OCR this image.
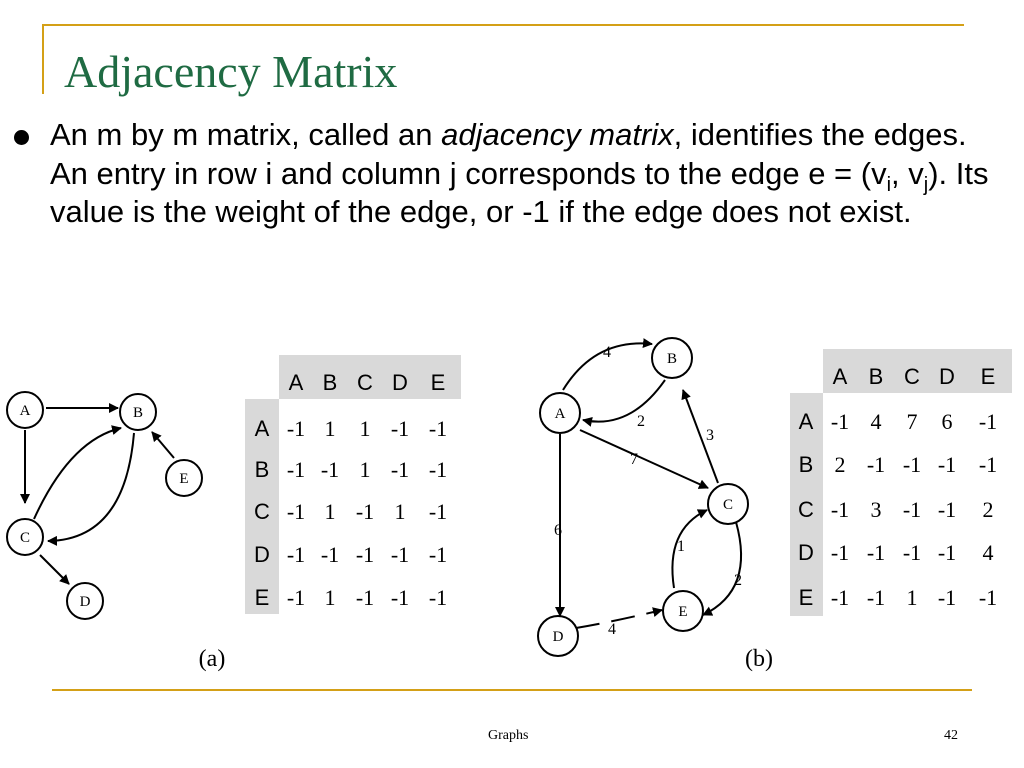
Adjacency Matrix

An m by m matrix, called an adjacency matrix, identifies the edges. An entry in row i and column j corresponds to the edge $e = (v_i$, $v_j$). Its value is the weight of the edge, or -1 if the edge does not exist.

A	B
C
D
E
(a)
A B C D E
A
B
C
D
E
-1 1 1 -1 -1
-1 -1 1 -1 -1
-1 1 -1 1 -1
-1 -1 -1 -1 -1
-1 1 -1 -1 -1
4
2
3
7
6
1
2
4
A
B
C
D
E
(b)
A B C D E
A
B
C
D
E
-1 4 7 6 -1
2 -1 -1 -1 -1
-1 3 -1 -1 2
-1 -1 -1 -1 4
-1 -1 1 -1 -1
Graphs	42
